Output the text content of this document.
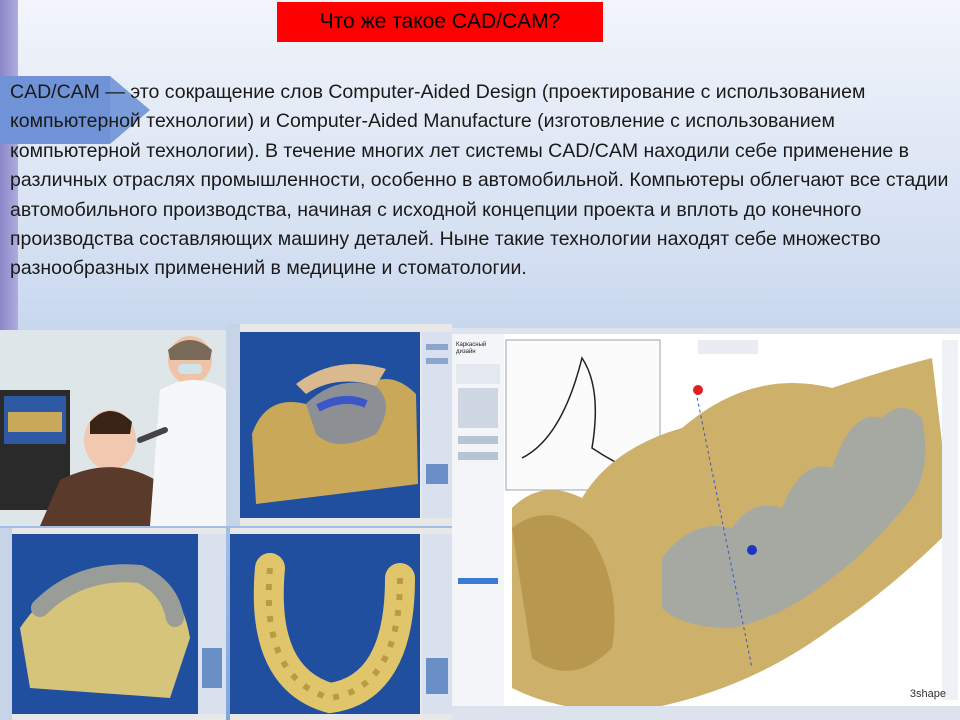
Что же такое CAD/CAM?

CAD/CAM — это сокращение слов Computer-Aided Design (проектирование с использованием компьютерной технологии) и Computer-Aided Manufacture (изготовление с использованием компьютерной технологии). В течение многих лет системы CAD/CAM находили себе применение в различных отраслях промышленности, особенно в автомобильной. Компьютеры облегчают все стадии автомобильного производства, начиная с исходной концепции проекта и вплоть до конечного производства составляющих машину деталей. Ныне такие технологии находят себе множество разнообразных применений в медицине и стоматологии.

Каркасный дизайн
3shape
